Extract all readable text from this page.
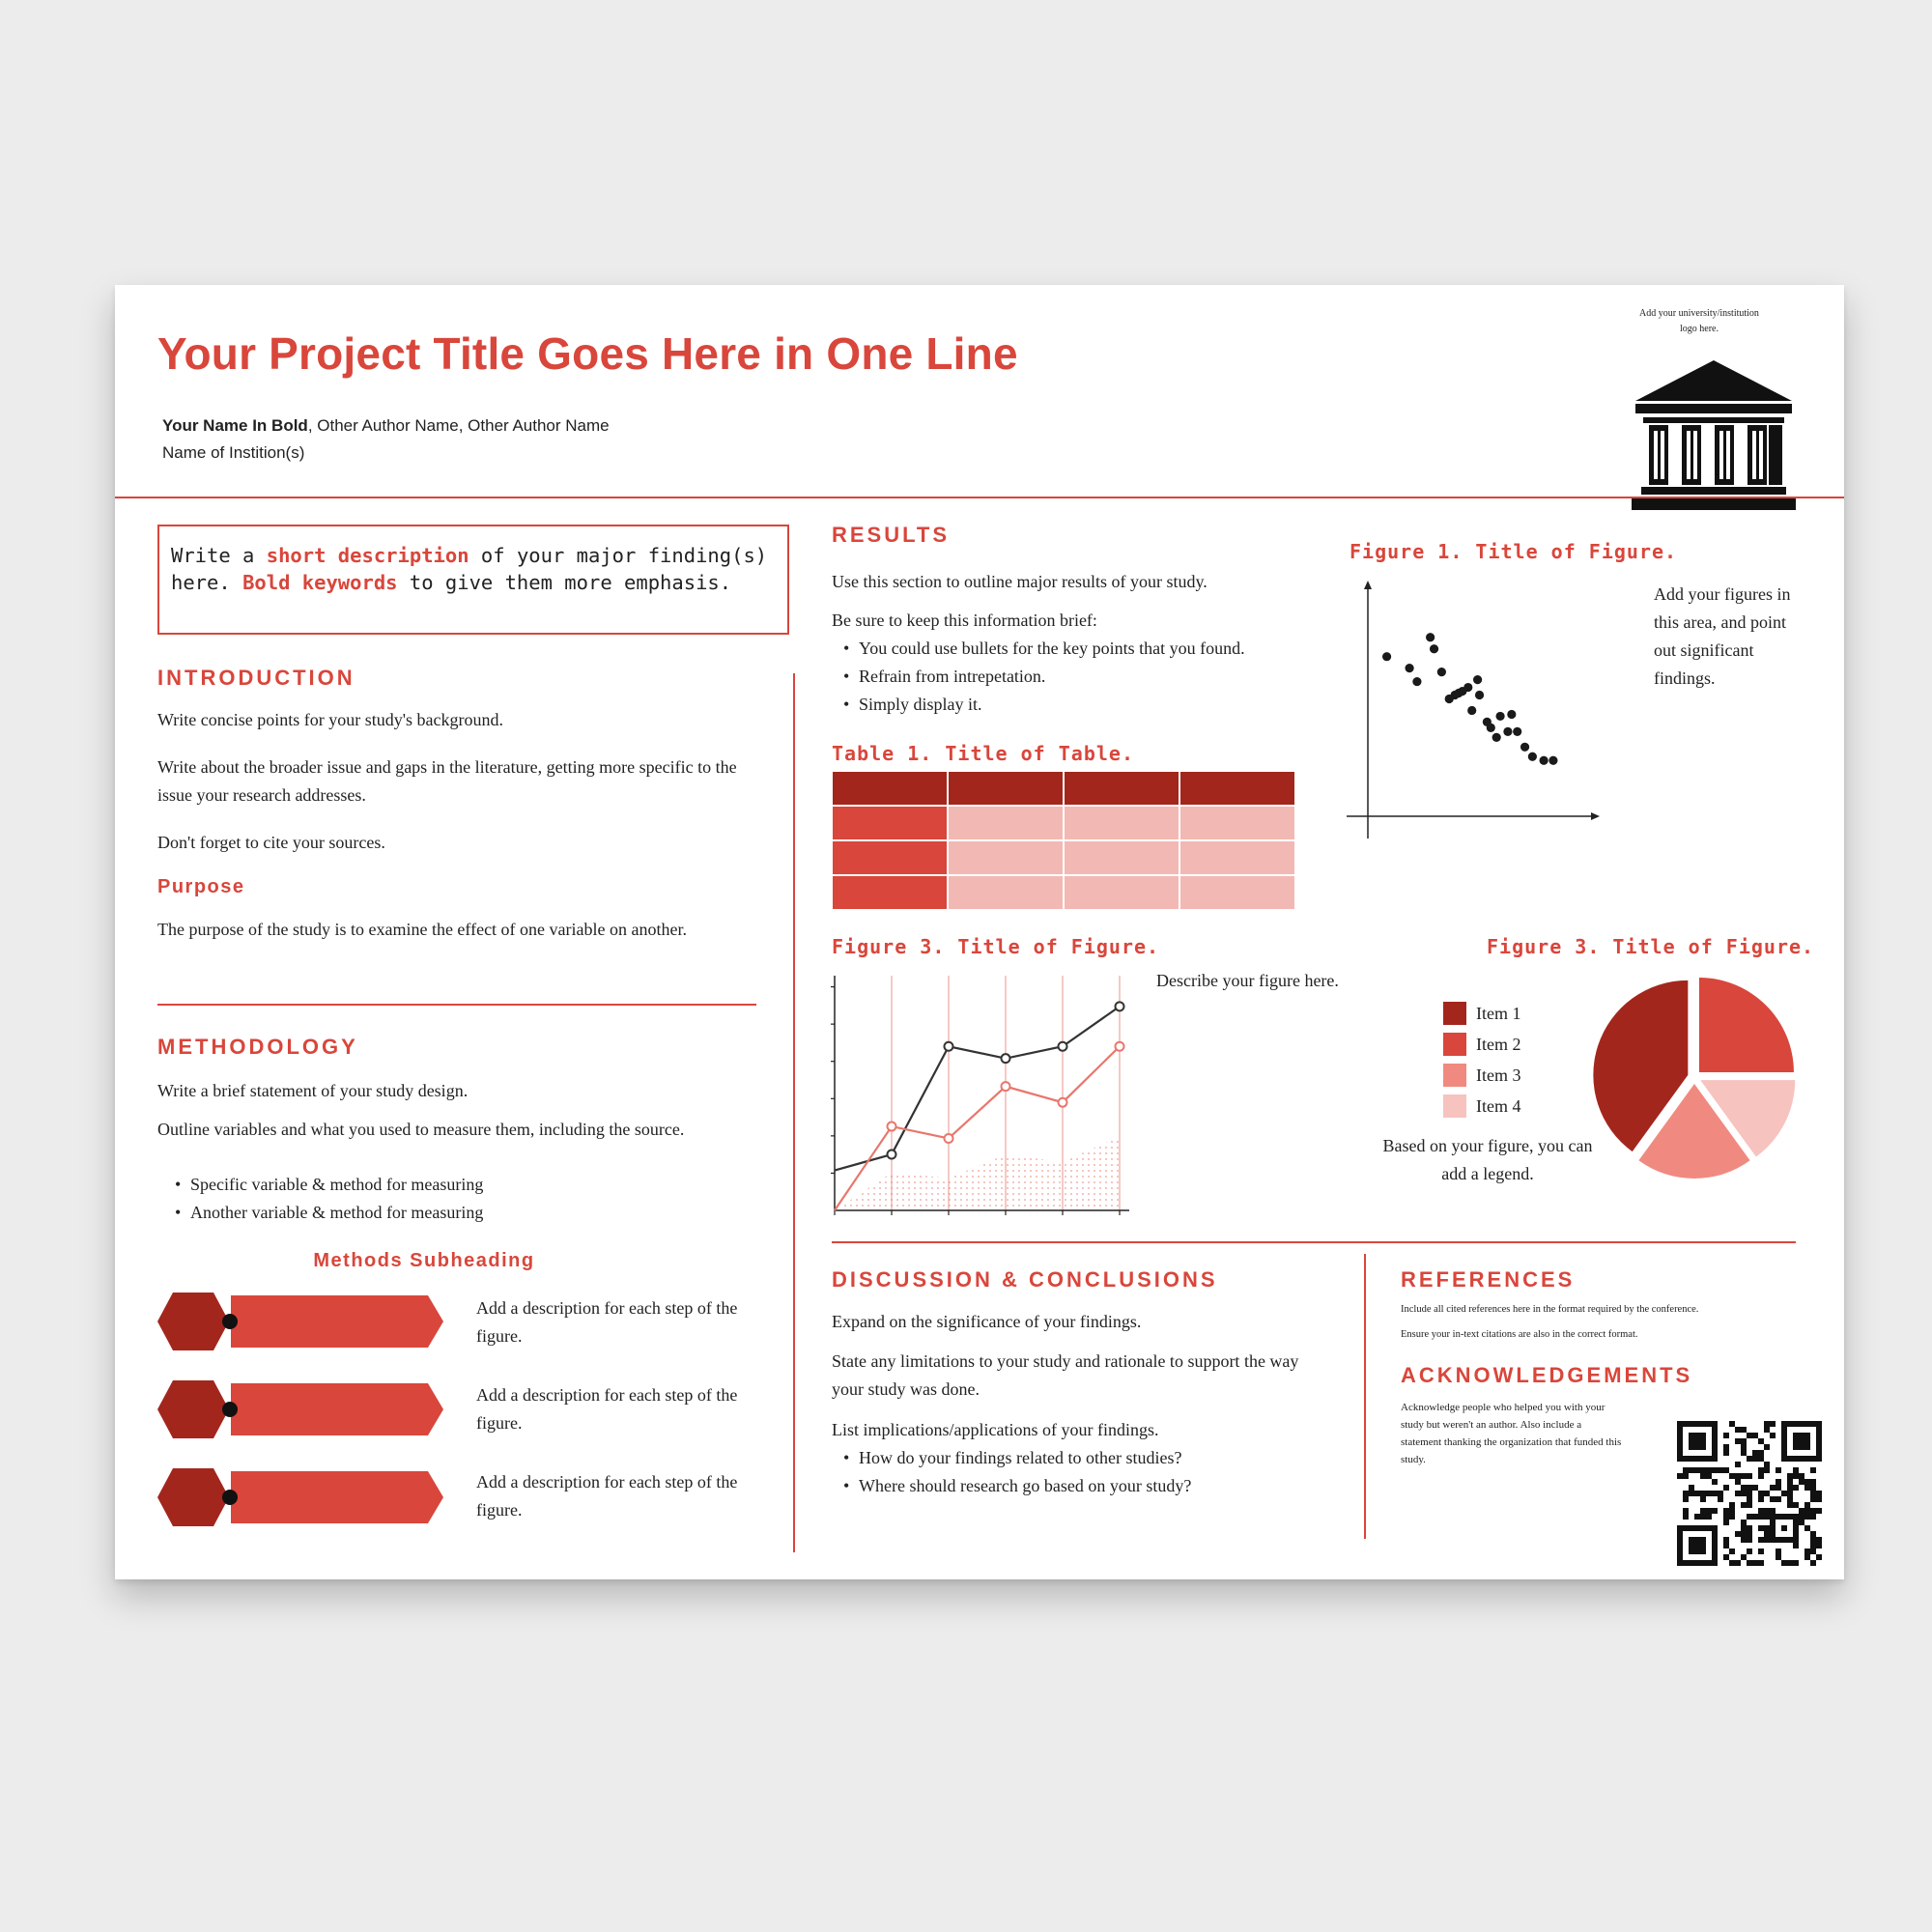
Your Project Title Goes Here in One Line
Your Name In Bold, Other Author Name, Other Author Name
Name of Instition(s)
Add your university/institution
logo here.
Write a short description of your major finding(s) here. Bold keywords to give them more emphasis.
INTRODUCTION
Write concise points for your study's background.
Write about the broader issue and gaps in the literature, getting more specific to the issue your research addresses.
Don't forget to cite your sources.
Purpose
The purpose of the study is to examine the effect of one variable on another.
METHODOLOGY
Write a brief statement of your study design.
Outline variables and what you used to measure them, including the source.
• Specific variable & method for measuring
• Another variable & method for measuring
Methods Subheading
Add a description for each step of the figure.
Add a description for each step of the figure.
Add a description for each step of the figure.
RESULTS
Use this section to outline major results of your study.
Be sure to keep this information brief:
• You could use bullets for the key points that you found.
• Refrain from intrepetation.
• Simply display it.
Table 1. Title of Table.

Figure 1. Title of Figure.
Add your figures in this area, and point out significant findings.
Figure 3. Title of Figure.
Describe your figure here.
Figure 3. Title of Figure.
Item 1
Item 2
Item 3
Item 4
Based on your figure, you can add a legend.
DISCUSSION & CONCLUSIONS
Expand on the significance of your findings.
State any limitations to your study and rationale to support the way your study was done.
List implications/applications of your findings.
• How do your findings related to other studies?
• Where should research go based on your study?
REFERENCES
Include all cited references here in the format required by the conference.
Ensure your in-text citations are also in the correct format.
ACKNOWLEDGEMENTS
Acknowledge people who helped you with your study but weren't an author. Also include a statement thanking the organization that funded this study.
